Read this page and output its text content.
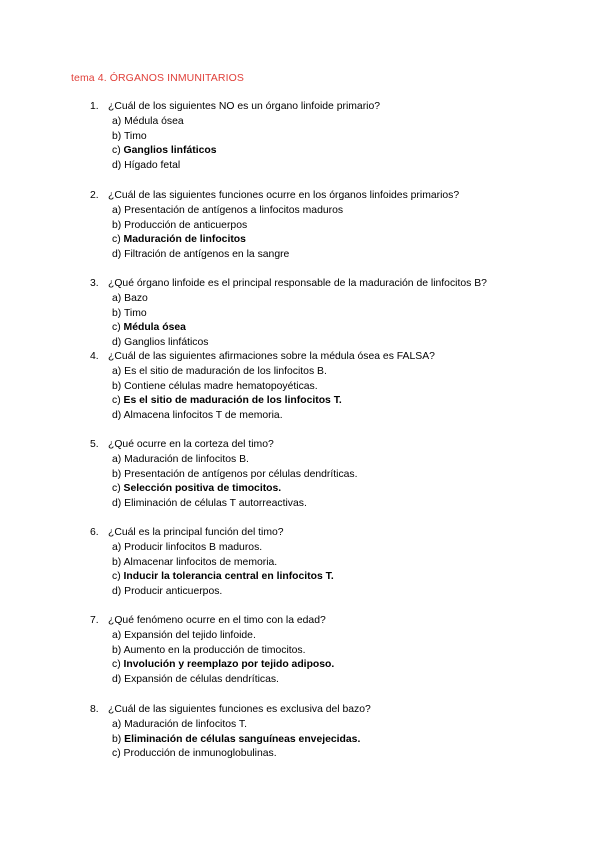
tema 4. ÓRGANOS INMUNITARIOS
1. ¿Cuál de los siguientes NO es un órgano linfoide primario?
a) Médula ósea
b) Timo
c) Ganglios linfáticos
d) Hígado fetal
2. ¿Cuál de las siguientes funciones ocurre en los órganos linfoides primarios?
a) Presentación de antígenos a linfocitos maduros
b) Producción de anticuerpos
c) Maduración de linfocitos
d) Filtración de antígenos en la sangre
3. ¿Qué órgano linfoide es el principal responsable de la maduración de linfocitos B?
a) Bazo
b) Timo
c) Médula ósea
d) Ganglios linfáticos
4. ¿Cuál de las siguientes afirmaciones sobre la médula ósea es FALSA?
a) Es el sitio de maduración de los linfocitos B.
b) Contiene células madre hematopoyéticas.
c) Es el sitio de maduración de los linfocitos T.
d) Almacena linfocitos T de memoria.
5. ¿Qué ocurre en la corteza del timo?
a) Maduración de linfocitos B.
b) Presentación de antígenos por células dendríticas.
c) Selección positiva de timocitos.
d) Eliminación de células T autorreactivas.
6. ¿Cuál es la principal función del timo?
a) Producir linfocitos B maduros.
b) Almacenar linfocitos de memoria.
c) Inducir la tolerancia central en linfocitos T.
d) Producir anticuerpos.
7. ¿Qué fenómeno ocurre en el timo con la edad?
a) Expansión del tejido linfoide.
b) Aumento en la producción de timocitos.
c) Involución y reemplazo por tejido adiposo.
d) Expansión de células dendríticas.
8. ¿Cuál de las siguientes funciones es exclusiva del bazo?
a) Maduración de linfocitos T.
b) Eliminación de células sanguíneas envejecidas.
c) Producción de inmunoglobulinas.
